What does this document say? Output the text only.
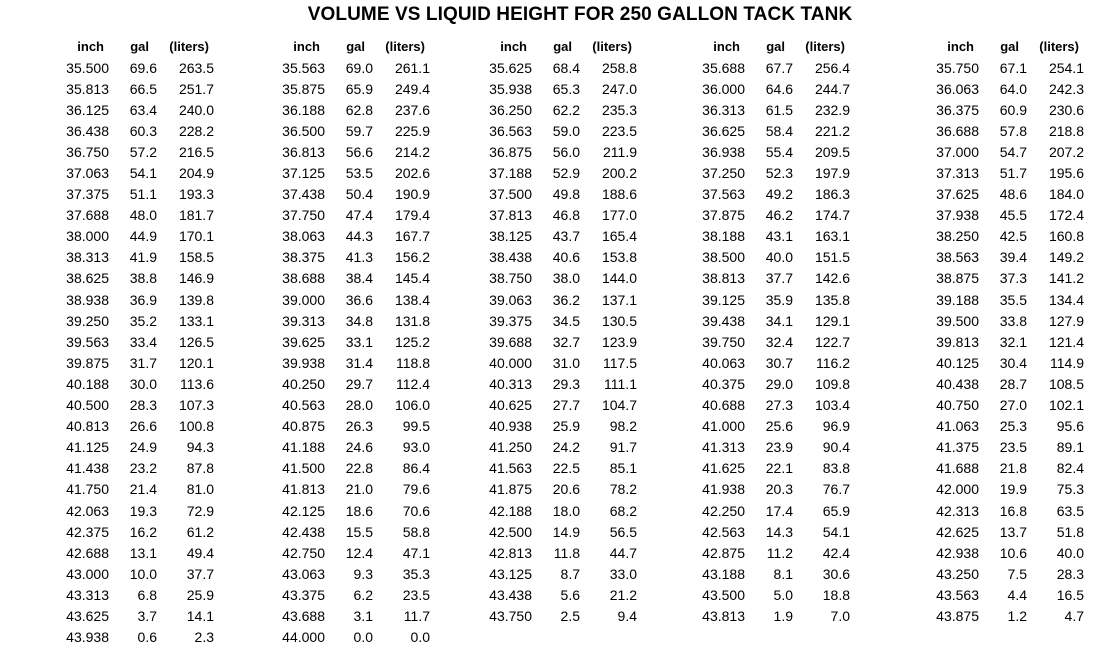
VOLUME VS LIQUID HEIGHT FOR 250 GALLON TACK TANK
inch	gal	(liters)
35.500	69.6	263.5
35.813	66.5	251.7
36.125	63.4	240.0
36.438	60.3	228.2
36.750	57.2	216.5
37.063	54.1	204.9
37.375	51.1	193.3
37.688	48.0	181.7
38.000	44.9	170.1
38.313	41.9	158.5
38.625	38.8	146.9
38.938	36.9	139.8
39.250	35.2	133.1
39.563	33.4	126.5
39.875	31.7	120.1
40.188	30.0	113.6
40.500	28.3	107.3
40.813	26.6	100.8
41.125	24.9	94.3
41.438	23.2	87.8
41.750	21.4	81.0
42.063	19.3	72.9
42.375	16.2	61.2
42.688	13.1	49.4
43.000	10.0	37.7
43.313	6.8	25.9
43.625	3.7	14.1
43.938	0.6	2.3
inch	gal	(liters)
35.563	69.0	261.1
35.875	65.9	249.4
36.188	62.8	237.6
36.500	59.7	225.9
36.813	56.6	214.2
37.125	53.5	202.6
37.438	50.4	190.9
37.750	47.4	179.4
38.063	44.3	167.7
38.375	41.3	156.2
38.688	38.4	145.4
39.000	36.6	138.4
39.313	34.8	131.8
39.625	33.1	125.2
39.938	31.4	118.8
40.250	29.7	112.4
40.563	28.0	106.0
40.875	26.3	99.5
41.188	24.6	93.0
41.500	22.8	86.4
41.813	21.0	79.6
42.125	18.6	70.6
42.438	15.5	58.8
42.750	12.4	47.1
43.063	9.3	35.3
43.375	6.2	23.5
43.688	3.1	11.7
44.000	0.0	0.0
inch	gal	(liters)
35.625	68.4	258.8
35.938	65.3	247.0
36.250	62.2	235.3
36.563	59.0	223.5
36.875	56.0	211.9
37.188	52.9	200.2
37.500	49.8	188.6
37.813	46.8	177.0
38.125	43.7	165.4
38.438	40.6	153.8
38.750	38.0	144.0
39.063	36.2	137.1
39.375	34.5	130.5
39.688	32.7	123.9
40.000	31.0	117.5
40.313	29.3	111.1
40.625	27.7	104.7
40.938	25.9	98.2
41.250	24.2	91.7
41.563	22.5	85.1
41.875	20.6	78.2
42.188	18.0	68.2
42.500	14.9	56.5
42.813	11.8	44.7
43.125	8.7	33.0
43.438	5.6	21.2
43.750	2.5	9.4
inch	gal	(liters)
35.688	67.7	256.4
36.000	64.6	244.7
36.313	61.5	232.9
36.625	58.4	221.2
36.938	55.4	209.5
37.250	52.3	197.9
37.563	49.2	186.3
37.875	46.2	174.7
38.188	43.1	163.1
38.500	40.0	151.5
38.813	37.7	142.6
39.125	35.9	135.8
39.438	34.1	129.1
39.750	32.4	122.7
40.063	30.7	116.2
40.375	29.0	109.8
40.688	27.3	103.4
41.000	25.6	96.9
41.313	23.9	90.4
41.625	22.1	83.8
41.938	20.3	76.7
42.250	17.4	65.9
42.563	14.3	54.1
42.875	11.2	42.4
43.188	8.1	30.6
43.500	5.0	18.8
43.813	1.9	7.0
inch	gal	(liters)
35.750	67.1	254.1
36.063	64.0	242.3
36.375	60.9	230.6
36.688	57.8	218.8
37.000	54.7	207.2
37.313	51.7	195.6
37.625	48.6	184.0
37.938	45.5	172.4
38.250	42.5	160.8
38.563	39.4	149.2
38.875	37.3	141.2
39.188	35.5	134.4
39.500	33.8	127.9
39.813	32.1	121.4
40.125	30.4	114.9
40.438	28.7	108.5
40.750	27.0	102.1
41.063	25.3	95.6
41.375	23.5	89.1
41.688	21.8	82.4
42.000	19.9	75.3
42.313	16.8	63.5
42.625	13.7	51.8
42.938	10.6	40.0
43.250	7.5	28.3
43.563	4.4	16.5
43.875	1.2	4.7
